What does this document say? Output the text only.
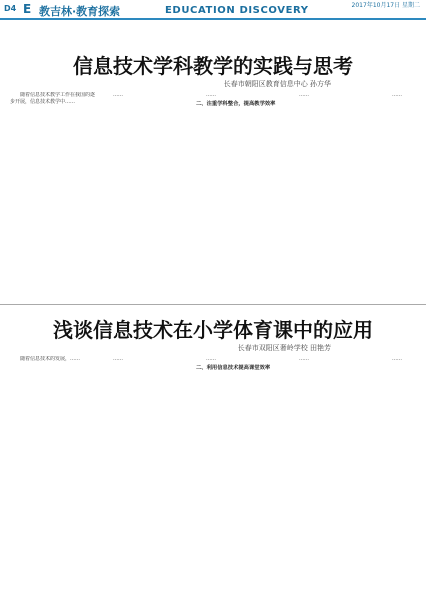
D4 E 教吉林·教育探索	EDUCATION DISCOVERY	2017年10月17日 星期二
信息技术学科教学的实践与思考
长春市朝阳区教育信息中心 孙方华

随着信息技术教学工作在我国的逐步开展，信息技术教学中……

……	……

二、注重学科整合，提高教学效率

……	……

浅谈信息技术在小学体育课中的应用
长春市双阳区奢岭学校 田艳芳

随着信息技术的发展，……	……	……

二、利用信息技术提高课堂效率

……	……
